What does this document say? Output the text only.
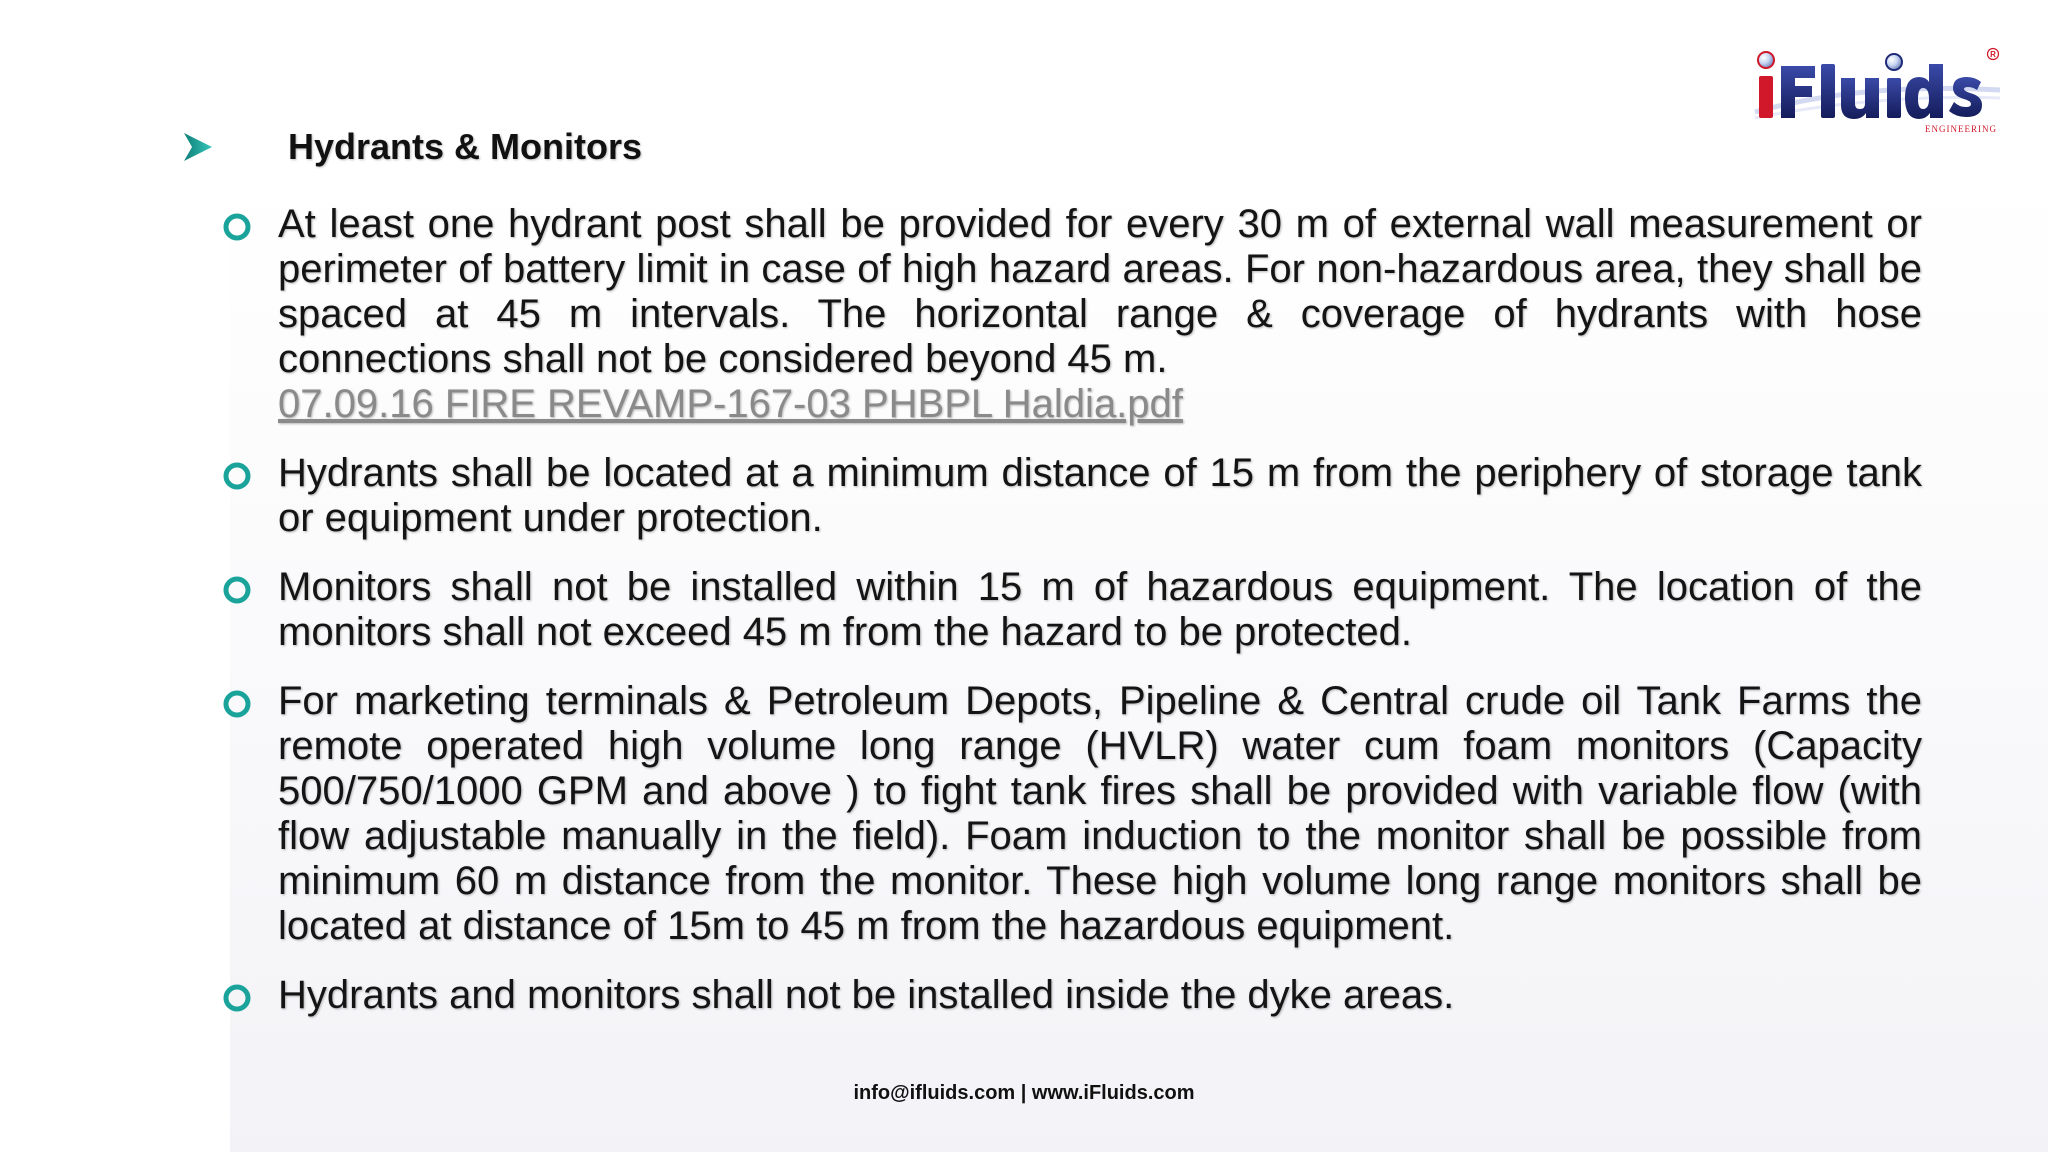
R
ENGINEERING
Hydrants & Monitors
At least one hydrant post shall be provided for every 30 m of external wall measurement or perimeter of battery limit in case of high hazard areas. For non-hazardous area, they shall be spaced at 45 m intervals. The horizontal range & coverage of hydrants with hose connections shall not be considered beyond 45 m.
07.09.16 FIRE REVAMP-167-03 PHBPL Haldia.pdf
Hydrants shall be located at a minimum distance of 15 m from the periphery of storage tank or equipment under protection.
Monitors shall not be installed within 15 m of hazardous equipment. The location of the monitors shall not exceed 45 m from the hazard to be protected.
For marketing terminals & Petroleum Depots, Pipeline & Central crude oil Tank Farms the remote operated high volume long range (HVLR) water cum foam monitors (Capacity 500/750/1000 GPM and above ) to fight tank fires shall be provided with variable flow (with flow adjustable manually in the field). Foam induction to the monitor shall be possible from minimum 60 m distance from the monitor. These high volume long range monitors shall be located at distance of 15m to 45 m from the hazardous equipment.
Hydrants and monitors shall not be installed inside the dyke areas.
info@ifluids.com | www.iFluids.com
